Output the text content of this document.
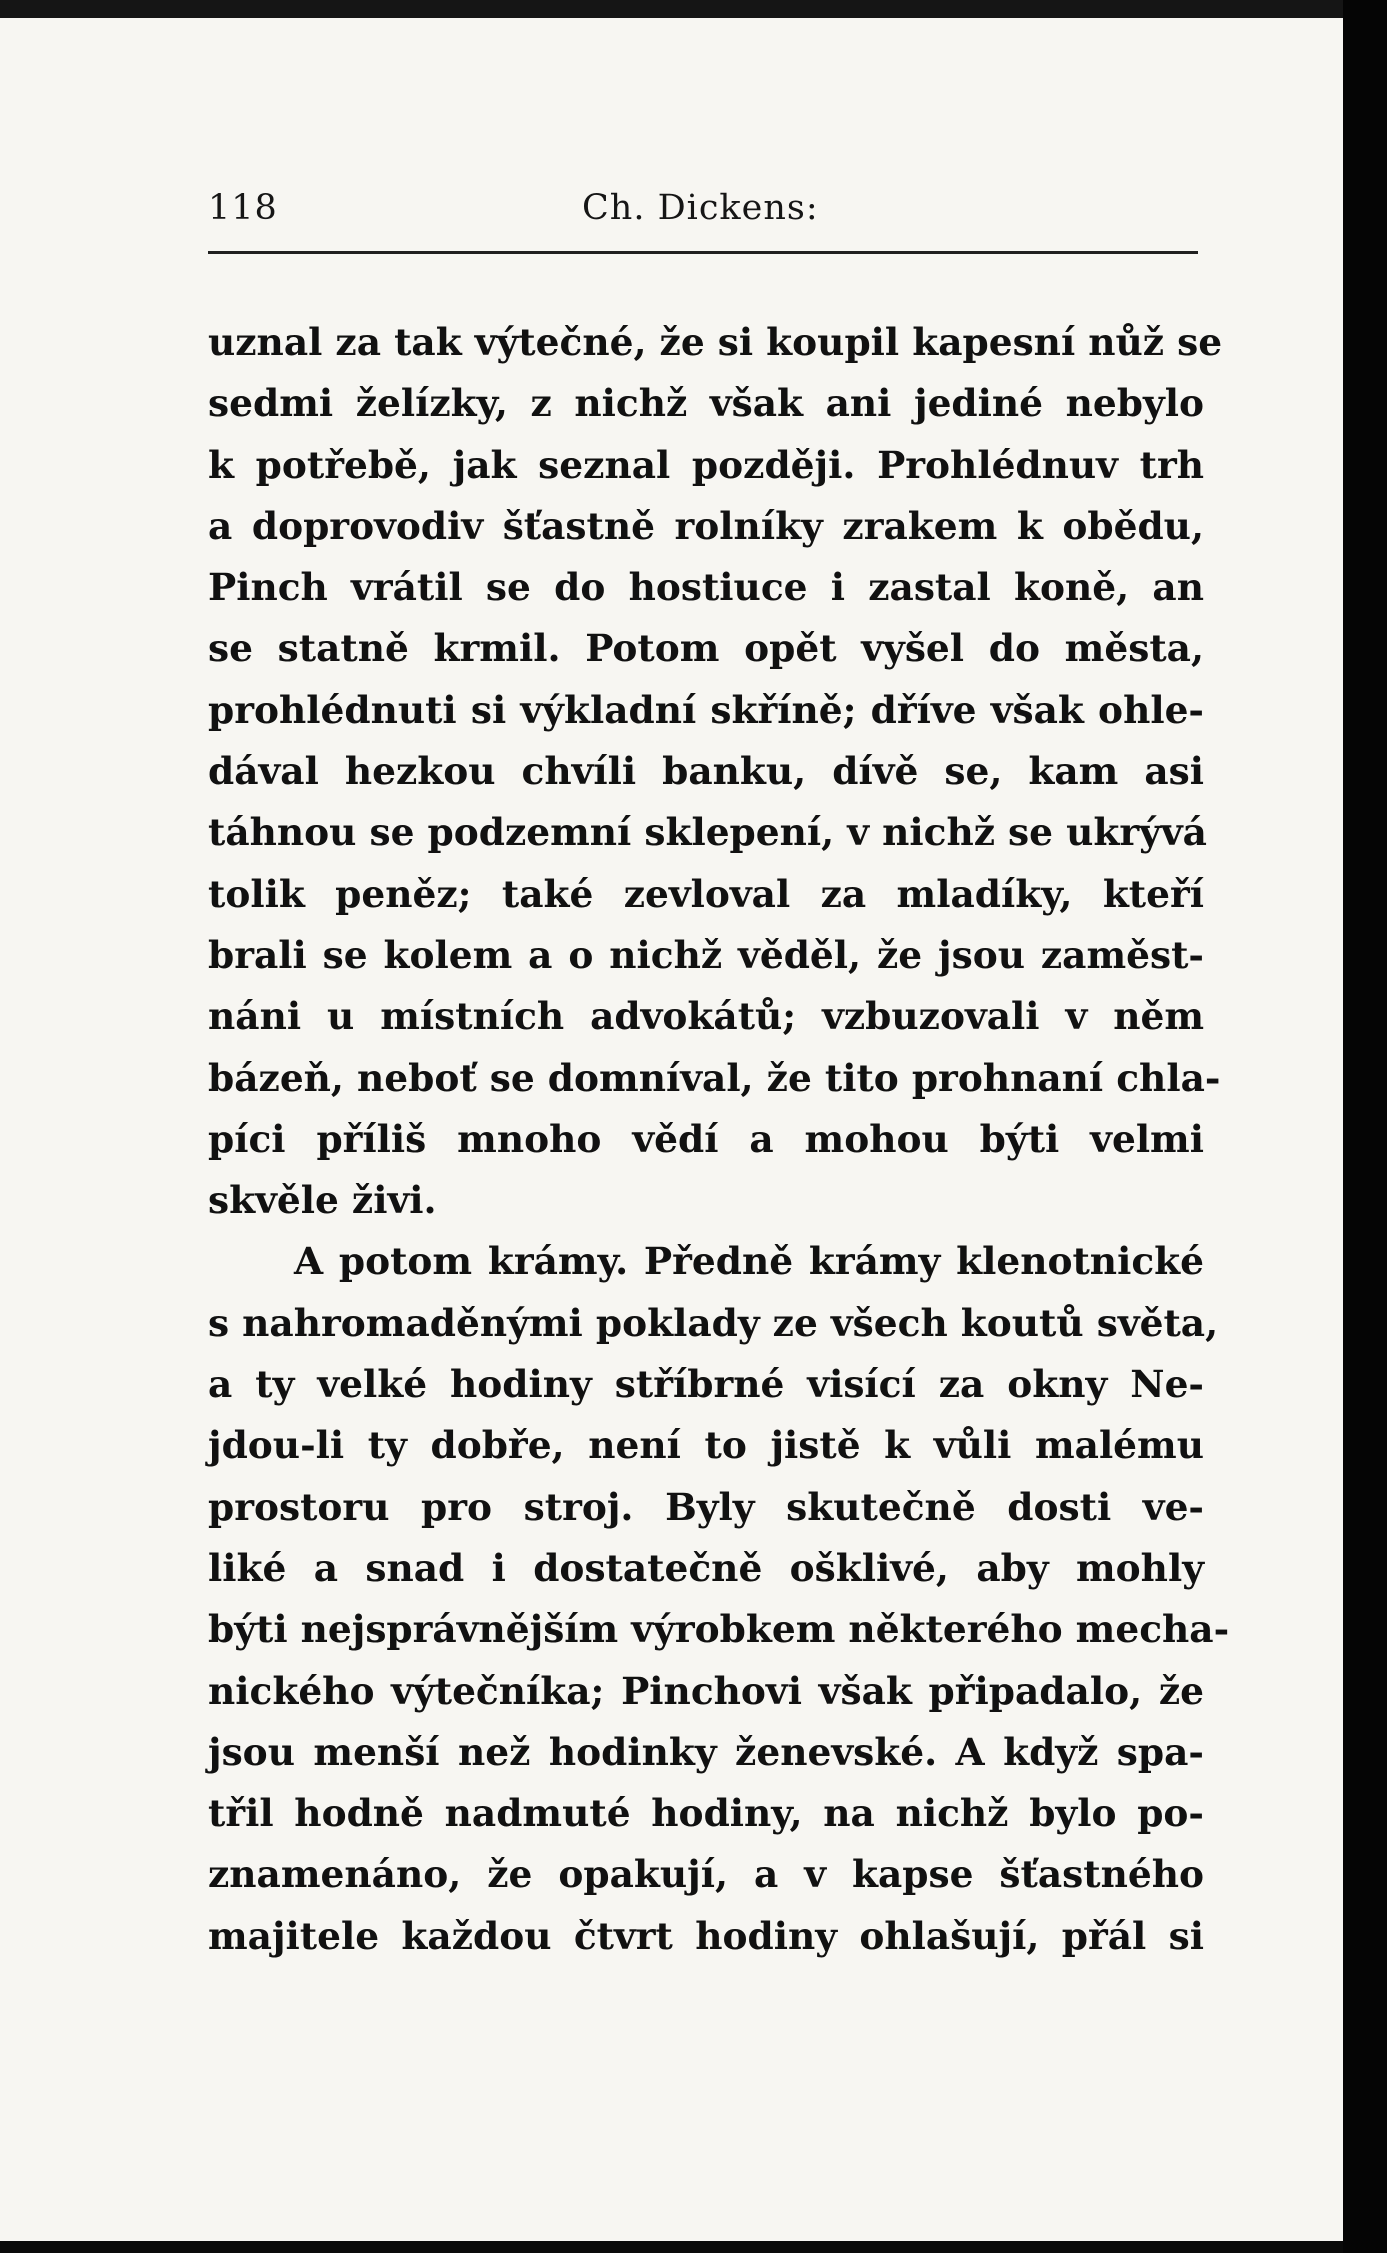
118	Ch. Dickens:
uznal za tak výtečné, že si koupil kapesní nůž se
sedmi želízky, z nichž však ani jediné nebylo
k potřebě, jak seznal později. Prohlédnuv trh
a doprovodiv šťastně rolníky zrakem k obědu,
Pinch vrátil se do hostiuce i zastal koně, an
se statně krmil. Potom opět vyšel do města,
prohlédnuti si výkladní skříně; dříve však ohle-
dával hezkou chvíli banku, dívě se, kam asi
táhnou se podzemní sklepení, v nichž se ukrývá
tolik peněz; také zevloval za mladíky, kteří
brali se kolem a o nichž věděl, že jsou zaměst-
nánі u místních advokátů; vzbuzovali v něm
bázeň, neboť se domníval, že tito prohnaní chla-
píci příliš mnoho vědí a mohou býti velmi
skvěle živi.
A potom krámy. Předně krámy klenotnické
s nahromaděnými poklady ze všech koutů světa,
a ty velké hodiny stříbrné visící za okny Ne-
jdou-li ty dobře, není to jistě k vůli malému
prostoru pro stroj. Byly skutečně dosti ve-
liké a snad i dostatečně ošklivé, aby mohly
býti nejsprávnějším výrobkem některého mecha-
nického výtečníka; Pinchovi však připadalo, že
jsou menší než hodinky ženevské. A když spa-
třil hodně nadmuté hodiny, na nichž bylo po-
znamenáno, že opakují, a v kapse šťastného
majitele každou čtvrt hodiny ohlašují, přál si
